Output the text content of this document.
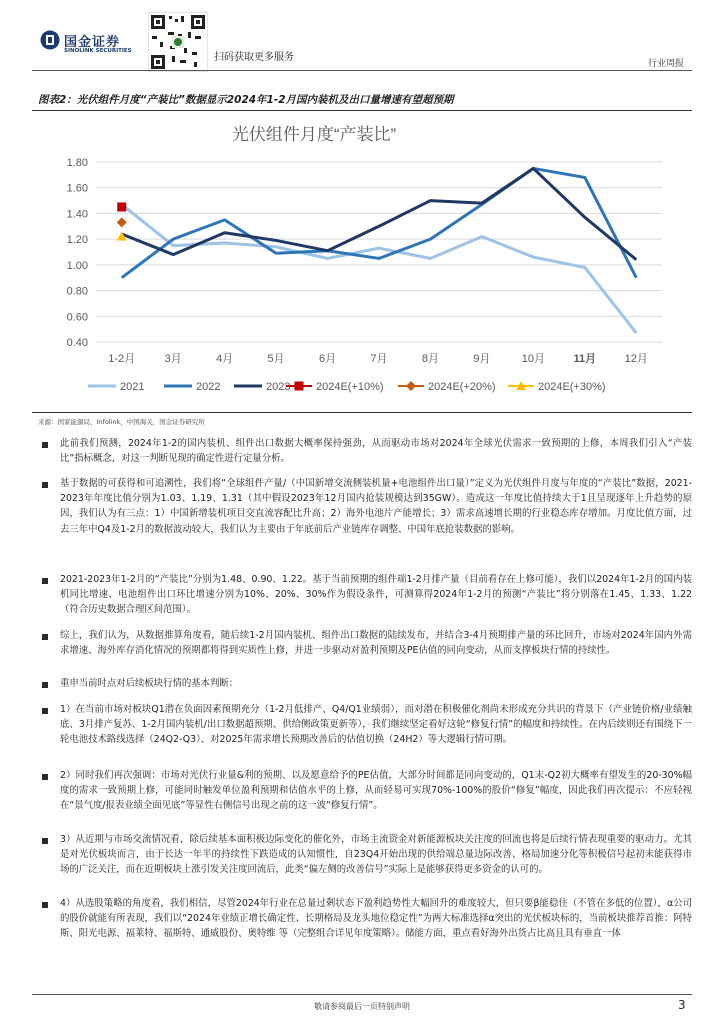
国金证券
SINOLINK SECURITIES
扫码获取更多服务
行业周报
图表2：光伏组件月度“产装比”数据显示2024年1-2月国内装机及出口量增速有望超预期
光伏组件月度“产装比”
0.40
0.60
0.80
1.00
1.20
1.40
1.60
1.80
1-2月	3月	4月	5月	6月	7月	8月	9月	10月	11月	12月
2021	2022	2023 2024E(+10%)	2024E(+20%)	2024E(+30%)
来源：国家能源局，Infolink，中国海关，国金证券研究所

此前我们预测，2024年1-2的国内装机、组件出口数据大概率保持强劲，从而驱动市场对2024年全球光伏需求一致预期的上修，本周我们引入“产装比”指标概念，对这一判断见现的确定性进行定量分析。

基于数据的可获得和可追溯性，我们将“全球组件产量/（中国新增交流侧装机量+电池组件出口量）”定义为光伏组件月度与年度的“产装比”数据，2021-2023年年度比值分别为1.03、1.19、1.31（其中假设2023年12月国内抢装规模达到35GW）。造成这一年度比值持续大于1且呈现逐年上升趋势的原因，我们认为有三点：1）中国新增装机项目交直流容配比升高；2）海外电池片产能增长；3）需求高速增长期的行业稳态库存增加。月度比值方面，过去三年中Q4及1-2月的数据波动较大，我们认为主要由于年底前后产业链库存调整、中国年底抢装数据的影响。

2021-2023年1-2月的“产装比”分别为1.48、0.90、1.22。基于当前预期的组件端1-2月排产量（目前看存在上修可能），我们以2024年1-2月的国内装机同比增速、电池组件出口环比增速分别为10%、20%、30%作为假设条件，可测算得2024年1-2月的预测“产装比”将分别落在1.45、1.33、1.22（符合历史数据合理区间范围）。

综上，我们认为，从数据推算角度看，随后续1-2月国内装机、组件出口数据的陆续发布，并结合3-4月预期排产量的环比回升，市场对2024年国内外需求增速、海外库存消化情况的预期都将得到实质性上修，并进一步驱动对盈利预期及PE估值的同向变动，从而支撑板块行情的持续性。

重申当前时点对后续板块行情的基本判断：

1）在当前市场对板块Q1潜在负面因素预期充分（1-2月低排产、Q4/Q1业绩弱），而对潜在积极催化剂尚未形成充分共识的背景下（产业链价格/业绩触底、3月排产复苏、1-2月国内装机/出口数据超预期、供给侧政策更新等），我们继续坚定看好这轮“修复行情”的幅度和持续性。在内后续则还有围绕下一轮电池技术路线选择（24Q2-Q3）、对2025年需求增长预期改善后的估值切换（24H2）等大逻辑行情可期。

2）同时我们再次强调：市场对光伏行业量&利的预期、以及愿意给予的PE估值，大部分时间都是同向变动的，Q1末-Q2初大概率有望发生的20-30%幅度的需求一致预期上修，可能同时触发单位盈利预期和估值水平的上修，从而轻易可实现70%-100%的股价“修复”幅度，因此我们再次提示：不应轻视在“景气度/报表业绩全面见底”等显性右侧信号出现之前的这一波“修复行情”。

3）从近期与市场交流情况看，除后续基本面积极边际变化的催化外，市场主流资金对新能源板块关注度的回流也将是后续行情表现重要的驱动力。尤其是对光伏板块而言，由于长达一年半的持续性下跌造成的认知惯性，自23Q4开始出现的供给端总量边际改善、格局加速分化等积极信号起初未能获得市场的广泛关注，而在近期板块上涨引发关注度回流后，此类“偏左侧的改善信号”实际上是能够获得更多资金的认可的。

4）从选股策略的角度看，我们相信，尽管2024年行业在总量过剩状态下盈利趋势性大幅回升的难度较大，但只要β能稳住（不管在多低的位置），α公司的股价就能有所表现，我们以“2024年业绩正增长确定性、长期格局及龙头地位稳定性”为两大标准选择α突出的光伏板块标的，当前板块推荐首推：阿特斯、阳光电源、福莱特、福斯特、通威股份、奥特维 等（完整组合详见年度策略）。储能方面，重点看好海外出货占比高且具有垂直一体

敬请参阅最后一页特别声明	3
